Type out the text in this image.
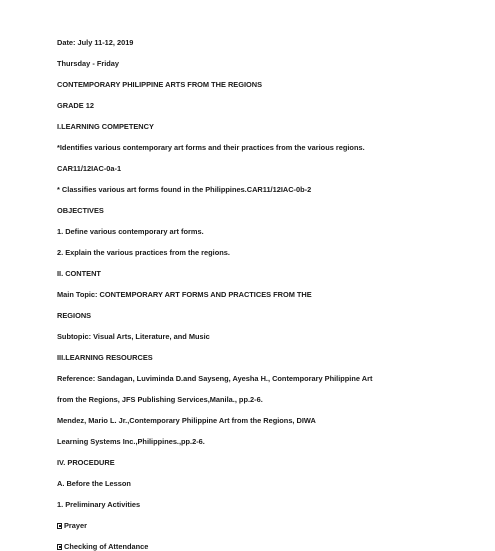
Date: July 11-12, 2019

Thursday - Friday

CONTEMPORARY PHILIPPINE ARTS FROM THE REGIONS

GRADE 12

I.LEARNING COMPETENCY

*Identifies various contemporary art forms and their practices from the various regions.

CAR11/12IAC-0a-1

* Classifies various art forms found in the Philippines.CAR11/12IAC-0b-2

OBJECTIVES

1. Define various contemporary art forms.

2. Explain the various practices from the regions.

II. CONTENT

Main Topic: CONTEMPORARY ART FORMS AND PRACTICES FROM THE

REGIONS

Subtopic: Visual Arts, Literature, and Music

III.LEARNING RESOURCES

Reference: Sandagan, Luviminda D.and Sayseng, Ayesha H., Contemporary Philippine Art

from the Regions, JFS Publishing Services,Manila., pp.2-6.

Mendez, Mario L. Jr.,Contemporary Philippine Art from the Regions, DIWA

Learning Systems Inc.,Philippines.,pp.2-6.

IV. PROCEDURE

A. Before the Lesson

1. Preliminary Activities

Prayer

Checking of Attendance
